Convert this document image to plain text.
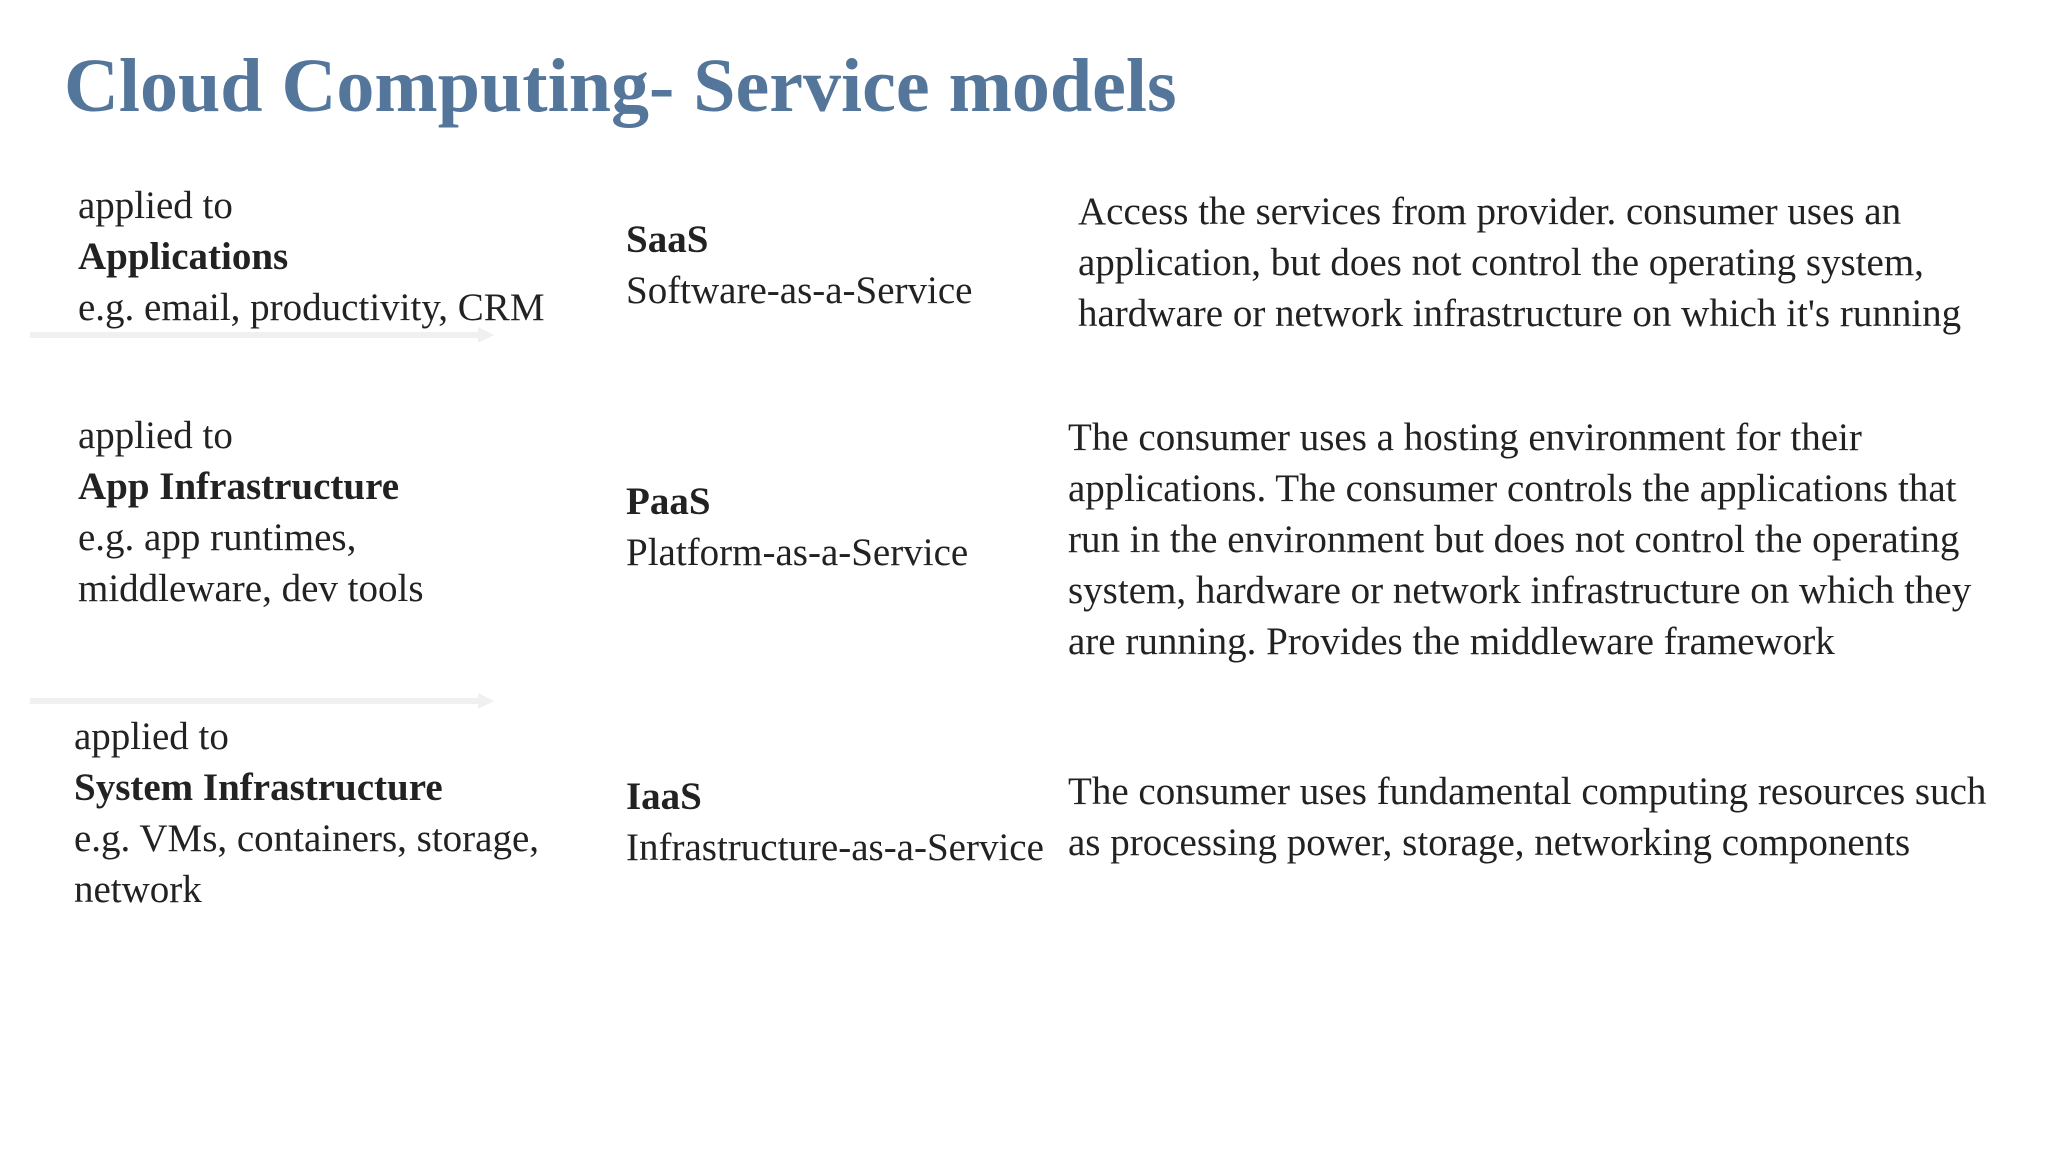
Cloud Computing- Service models
applied to
Applications
e.g. email, productivity, CRM
SaaS
Software-as-a-Service
Access the services from provider. consumer uses an
application, but does not control the operating system,
hardware or network infrastructure on which it's running
applied to
App Infrastructure
e.g. app runtimes,
middleware, dev tools
PaaS
Platform-as-a-Service
The consumer uses a hosting environment for their
applications. The consumer controls the applications that
run in the environment but does not control the operating
system, hardware or network infrastructure on which they
are running. Provides the middleware framework
applied to
System Infrastructure
e.g. VMs, containers, storage,
network
IaaS
Infrastructure-as-a-Service
The consumer uses fundamental computing resources such
as processing power, storage, networking components
